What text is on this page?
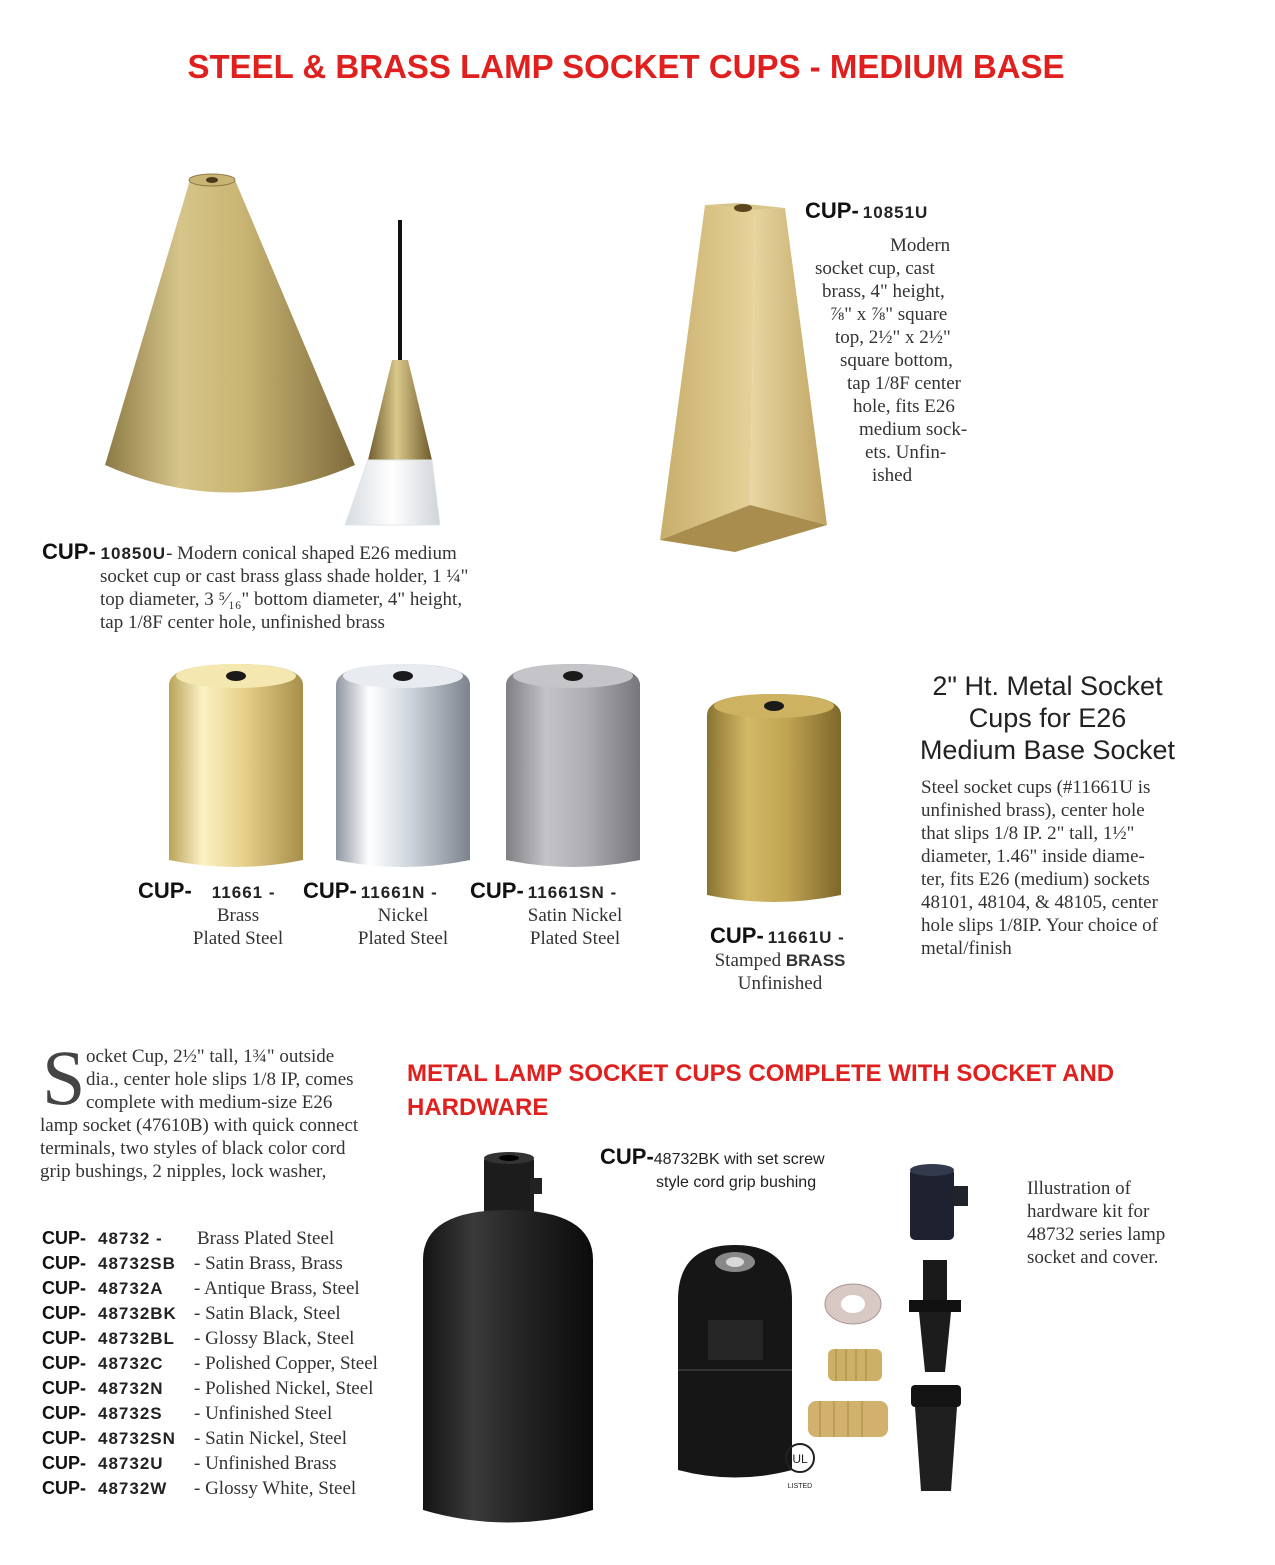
STEEL & BRASS LAMP SOCKET CUPS - MEDIUM BASE
CUP- 10850U- Modern conical shaped E26 medium
socket cup or cast brass glass shade holder, 1 ¼"
top diameter, 3 ⁵⁄₁₆" bottom diameter, 4" height,
tap 1/8F center hole, unfinished brass
CUP- 10851U
Modern
socket cup, cast
brass, 4" height,
⅞" x ⅞" square
top, 2½" x 2½"
square bottom,
tap 1/8F center
hole, fits E26
medium sock-
ets. Unfin-
ished
CUP- 11661 -
Brass
Plated Steel
CUP- 11661N -
Nickel
Plated Steel
CUP- 11661SN -
Satin Nickel
Plated Steel	CUP- 11661U -
Stamped BRASS
Unfinished
2" Ht. Metal Socket
Cups for E26
Medium Base Socket
Steel socket cups (#11661U is
unfinished brass), center hole
that slips 1/8 IP. 2" tall, 1½"
diameter, 1.46" inside diame-
ter, fits E26 (medium) sockets
48101, 48104, & 48105, center
hole slips 1/8IP. Your choice of
metal/finish
S ocket Cup, 2½" tall, 1¾" outside
dia., center hole slips 1/8 IP, comes
complete with medium-size E26
lamp socket (47610B) with quick connect
terminals, two styles of black color cord
grip bushings, 2 nipples, lock washer,
CUP- 48732 - Brass Plated Steel
CUP- 48732SB - Satin Brass, Brass
CUP- 48732A - Antique Brass, Steel
CUP- 48732BK - Satin Black, Steel
CUP- 48732BL - Glossy Black, Steel
CUP- 48732C - Polished Copper, Steel
CUP- 48732N - Polished Nickel, Steel
CUP- 48732S - Unfinished Steel
CUP- 48732SN - Satin Nickel, Steel
CUP- 48732U - Unfinished Brass
CUP- 48732W - Glossy White, Steel
METAL LAMP SOCKET CUPS COMPLETE WITH SOCKET AND
HARDWARE
CUP-48732BK with set screw
style cord grip bushing
UL
LISTED
Illustration of
hardware kit for
48732 series lamp
socket and cover.
